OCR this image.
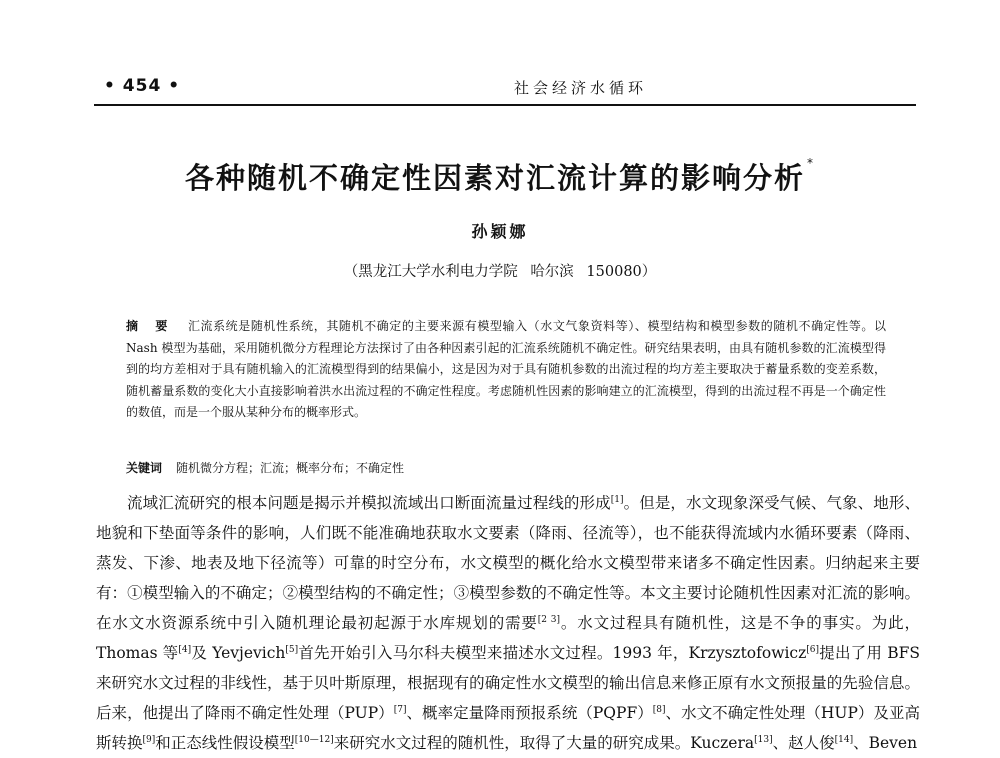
• 454 •	社会经济水循环
各种随机不确定性因素对汇流计算的影响分析 *
孙颖娜
（黑龙江大学水利电力学院 哈尔滨 150080）
摘 要 汇流系统是随机性系统，其随机不确定的主要来源有模型输入（水文气象资料等）、模型结构和模型参数的随机不确定性等。以 Nash 模型为基础，采用随机微分方程理论方法探讨了由各种因素引起的汇流系统随机不确定性。研究结果表明，由具有随机参数的汇流模型得到的均方差相对于具有随机输入的汇流模型得到的结果偏小，这是因为对于具有随机参数的出流过程的均方差主要取决于蓄量系数的变差系数，随机蓄量系数的变化大小直接影响着洪水出流过程的不确定性程度。考虑随机性因素的影响建立的汇流模型，得到的出流过程不再是一个确定性的数值，而是一个服从某种分布的概率形式。
关键词 随机微分方程；汇流；概率分布；不确定性

流域汇流研究的根本问题是揭示并模拟流域出口断面流量过程线的形成[1]。但是，水文现象深受气候、气象、地形、地貌和下垫面等条件的影响，人们既不能准确地获取水文要素（降雨、径流等），也不能获得流域内水循环要素（降雨、蒸发、下渗、地表及地下径流等）可靠的时空分布，水文模型的概化给水文模型带来诸多不确定性因素。归纳起来主要有：①模型输入的不确定；②模型结构的不确定性；③模型参数的不确定性等。本文主要讨论随机性因素对汇流的影响。在水文水资源系统中引入随机理论最初起源于水库规划的需要[2 3]。水文过程具有随机性，这是不争的事实。为此，Thomas 等[4]及 Yevjevich[5]首先开始引入马尔科夫模型来描述水文过程。1993 年，Krzysztofowicz[6]提出了用 BFS 来研究水文过程的非线性，基于贝叶斯原理，根据现有的确定性水文模型的输出信息来修正原有水文预报量的先验信息。后来，他提出了降雨不确定性处理（PUP）[7]、概率定量降雨预报系统（PQPF）[8]、水文不确定性处理（HUP）及亚高斯转换[9]和正态线性假设模型[10—12]来研究水文过程的随机性，取得了大量的研究成果。Kuczera[13]、赵人俊[14]、Beven
